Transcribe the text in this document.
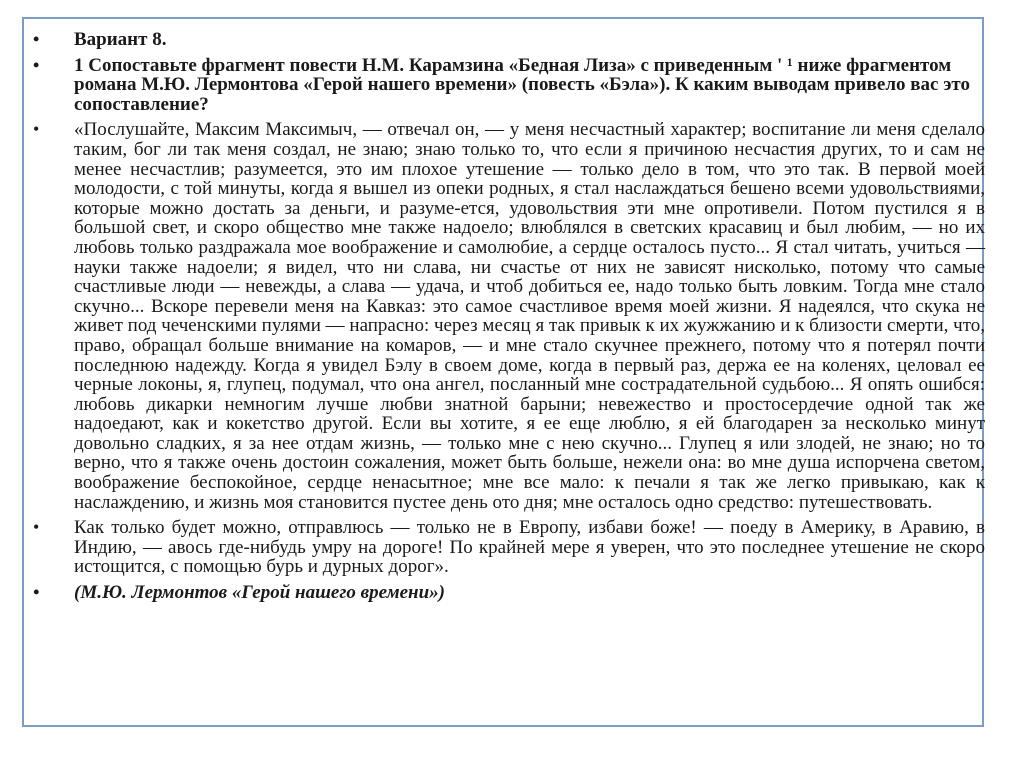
• Вариант 8.
• 1 Сопоставьте фрагмент повести Н.М. Карамзина «Бедная Лиза» с приведенным ' ¹ ниже фрагментом романа М.Ю. Лермонтова «Герой нашего времени» (повесть «Бэла»). К каким выводам привело вас это сопоставление?
• «Послушайте, Максим Максимыч, — отвечал он, — у меня несчастный характер; воспитание ли меня сделало таким, бог ли так меня создал, не знаю; знаю только то, что если я причиною несчастия других, то и сам не менее несчастлив; разумеется, это им плохое утешение — только дело в том, что это так. В первой моей молодости, с той минуты, когда я вышел из опеки родных, я стал наслаждаться бешено всеми удовольствиями, которые можно достать за деньги, и разуме-ется, удовольствия эти мне опротивели. Потом пустился я в большой свет, и скоро общество мне также надоело; влюблялся в светских красавиц и был любим, — но их любовь только раздражала мое воображение и самолюбие, а сердце осталось пусто... Я стал читать, учиться — науки также надоели; я видел, что ни слава, ни счастье от них не зависят нисколько, потому что самые счастливые люди — невежды, а слава — удача, и чтоб добиться ее, надо только быть ловким. Тогда мне стало скучно... Вскоре перевели меня на Кавказ: это самое счастливое время моей жизни. Я надеялся, что скука не живет под чеченскими пулями — напрасно: через месяц я так привык к их жужжанию и к близости смерти, что, право, обращал больше внимание на комаров, — и мне стало скучнее прежнего, потому что я потерял почти последнюю надежду. Когда я увидел Бэлу в своем доме, когда в первый раз, держа ее на коленях, целовал ее черные локоны, я, глупец, подумал, что она ангел, посланный мне сострадательной судьбою... Я опять ошибся: любовь дикарки немногим лучше любви знатной барыни; невежество и простосердечие одной так же надоедают, как и кокетство другой. Если вы хотите, я ее еще люблю, я ей благодарен за несколько минут довольно сладких, я за нее отдам жизнь, — только мне с нею скучно... Глупец я или злодей, не знаю; но то верно, что я также очень достоин сожаления, может быть больше, нежели она: во мне душа испорчена светом, воображение беспокойное, сердце ненасытное; мне все мало: к печали я так же легко привыкаю, как к наслаждению, и жизнь моя становится пустее день ото дня; мне осталось одно средство: путешествовать.
• Как только будет можно, отправлюсь — только не в Европу, избави боже! — поеду в Америку, в Аравию, в Индию, — авось где-нибудь умру на дороге! По крайней мере я уверен, что это последнее утешение не скоро истощится, с помощью бурь и дурных дорог».
• (М.Ю. Лермонтов «Герой нашего времени»)
